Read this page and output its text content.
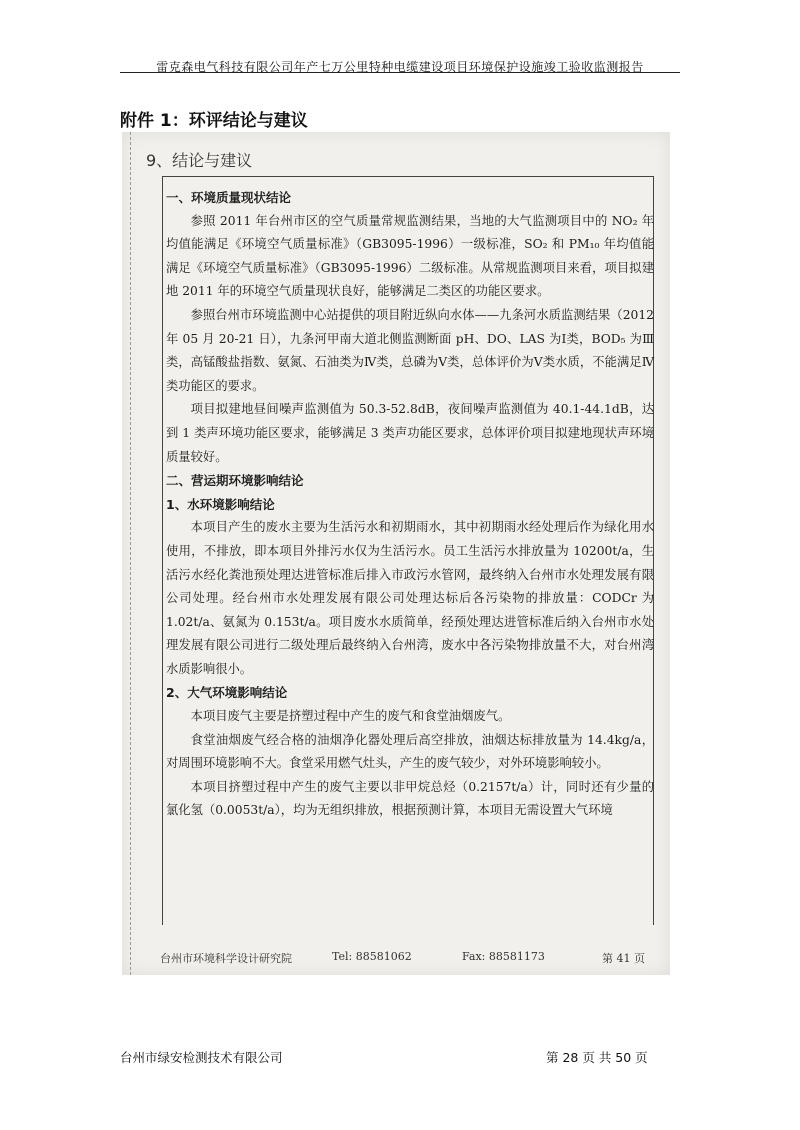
雷克森电气科技有限公司年产七万公里特种电缆建设项目环境保护设施竣工验收监测报告
附件 1：环评结论与建议
9、结论与建议

一、环境质量现状结论

参照 2011 年台州市区的空气质量常规监测结果，当地的大气监测项目中的 NO₂ 年均值能满足《环境空气质量标准》（GB3095-1996）一级标准，SO₂ 和 PM₁₀ 年均值能满足《环境空气质量标准》（GB3095-1996）二级标准。从常规监测项目来看，项目拟建地 2011 年的环境空气质量现状良好，能够满足二类区的功能区要求。

参照台州市环境监测中心站提供的项目附近纵向水体——九条河水质监测结果（2012 年 05 月 20-21 日），九条河甲南大道北侧监测断面 pH、DO、LAS 为Ⅰ类，BOD₅ 为Ⅲ类，高锰酸盐指数、氨氮、石油类为Ⅳ类，总磷为Ⅴ类，总体评价为Ⅴ类水质，不能满足Ⅳ类功能区的要求。

项目拟建地昼间噪声监测值为 50.3-52.8dB，夜间噪声监测值为 40.1-44.1dB，达到 1 类声环境功能区要求，能够满足 3 类声功能区要求，总体评价项目拟建地现状声环境质量较好。

二、营运期环境影响结论

1、水环境影响结论

本项目产生的废水主要为生活污水和初期雨水，其中初期雨水经处理后作为绿化用水使用，不排放，即本项目外排污水仅为生活污水。员工生活污水排放量为 10200t/a，生活污水经化粪池预处理达进管标准后排入市政污水管网，最终纳入台州市水处理发展有限公司处理。经台州市水处理发展有限公司处理达标后各污染物的排放量：CODCr 为 1.02t/a、氨氮为 0.153t/a。项目废水水质简单，经预处理达进管标准后纳入台州市水处理发展有限公司进行二级处理后最终纳入台州湾，废水中各污染物排放量不大，对台州湾水质影响很小。

2、大气环境影响结论

本项目废气主要是挤塑过程中产生的废气和食堂油烟废气。

食堂油烟废气经合格的油烟净化器处理后高空排放，油烟达标排放量为 14.4kg/a，对周围环境影响不大。食堂采用燃气灶头，产生的废气较少，对外环境影响较小。

本项目挤塑过程中产生的废气主要以非甲烷总烃（0.2157t/a）计，同时还有少量的氯化氢（0.0053t/a），均为无组织排放，根据预测计算，本项目无需设置大气环境

台州市环境科学设计研究院	Tel: 88581062	Fax: 88581173	第 41 页
台州市绿安检测技术有限公司	第 28 页 共 50 页
